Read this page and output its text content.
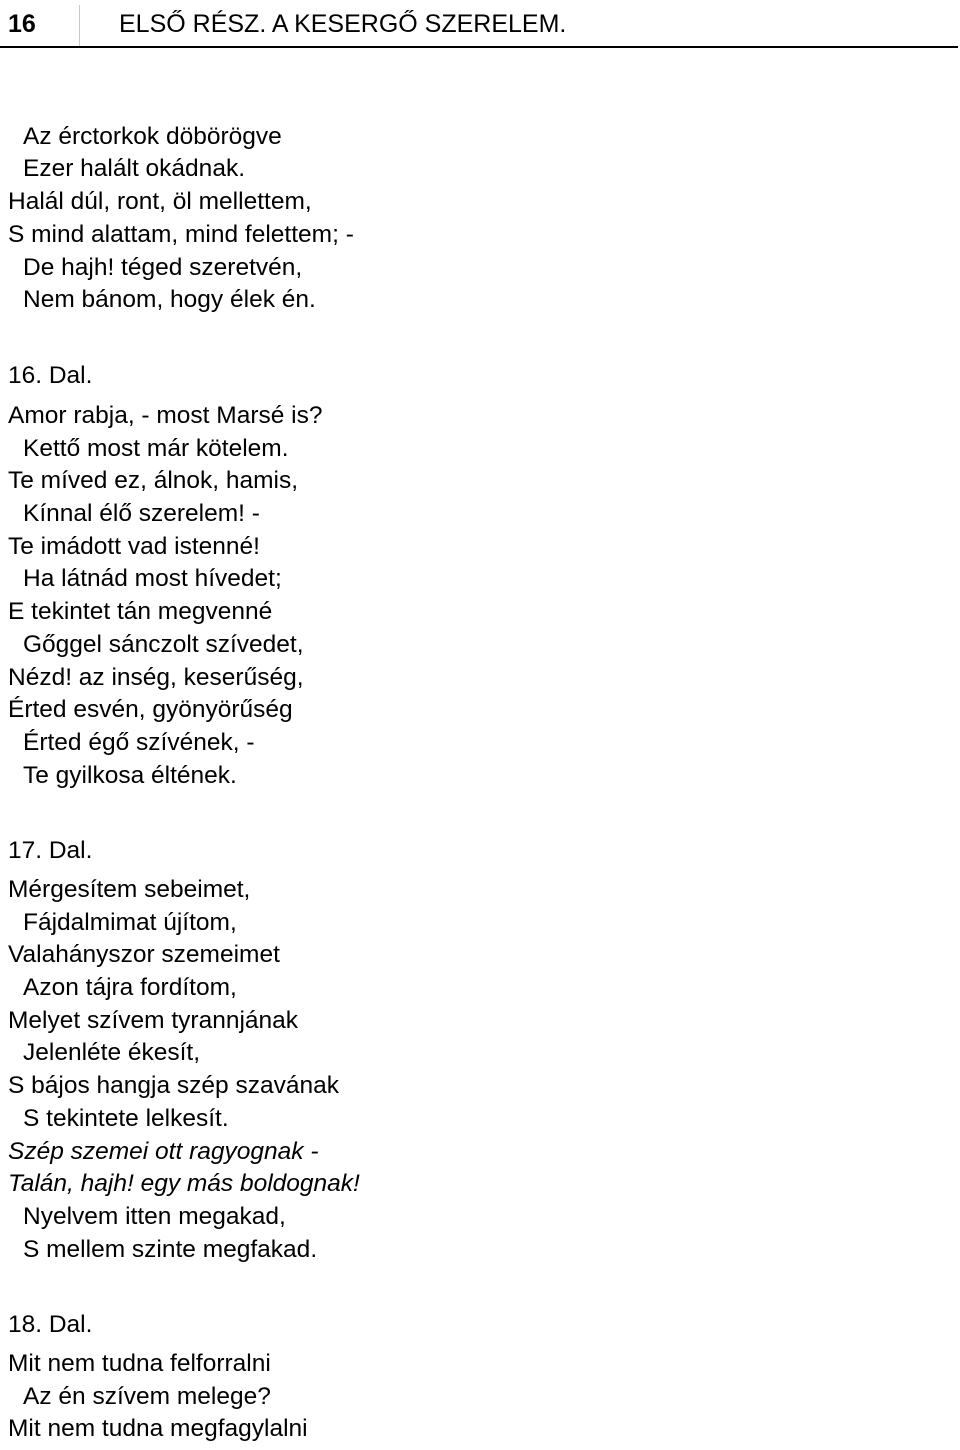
16	ELSŐ RÉSZ. A KESERGŐ SZERELEM.
Az érctorkok döbörögve
Ezer halált okádnak.
Halál dúl, ront, öl mellettem,
S mind alattam, mind felettem; -
De hajh! téged szeretvén,
Nem bánom, hogy élek én.
16. Dal.
Amor rabja, - most Marsé is?
Kettő most már kötelem.
Te míved ez, álnok, hamis,
Kínnal élő szerelem! -
Te imádott vad istenné!
Ha látnád most hívedet;
E tekintet tán megvenné
Gőggel sánczolt szívedet,
Nézd! az inség, keserűség,
Érted esvén, gyönyörűség
Érted égő szívének, -
Te gyilkosa éltének.
17. Dal.
Mérgesítem sebeimet,
Fájdalmimat újítom,
Valahányszor szemeimet
Azon tájra fordítom,
Melyet szívem tyrannjának
Jelenléte ékesít,
S bájos hangja szép szavának
S tekintete lelkesít.
Szép szemei ott ragyognak -
Talán, hajh! egy más boldognak!
Nyelvem itten megakad,
S mellem szinte megfakad.
18. Dal.
Mit nem tudna felforralni
Az én szívem melege?
Mit nem tudna megfagylalni
